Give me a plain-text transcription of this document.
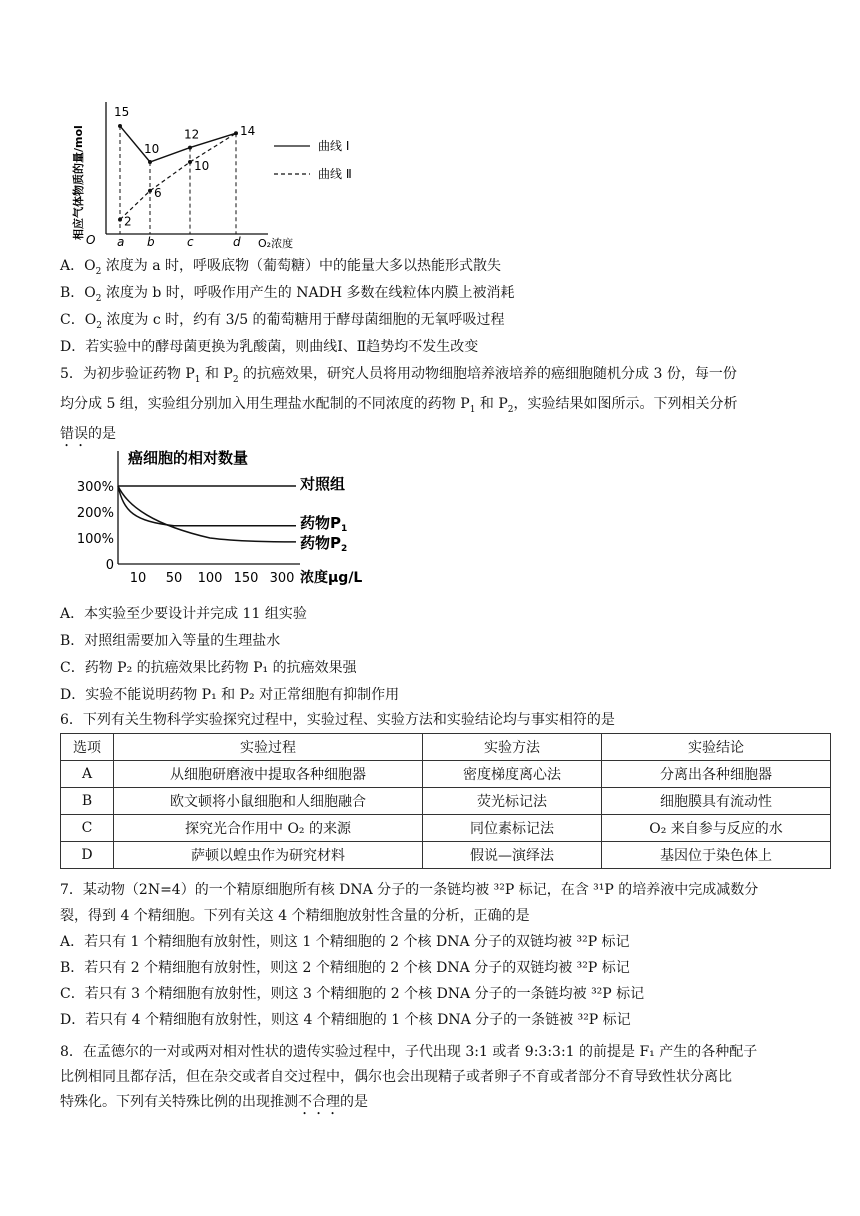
相应气体物质的量/mol O	O₂浓度
a b	c	d
15
10
12	14
2
6
10
曲线 Ⅰ
曲线 Ⅱ
A．$O_2$ 浓度为 a 时，呼吸底物（葡萄糖）中的能量大多以热能形式散失
B．$O_2$ 浓度为 b 时，呼吸作用产生的 NADH 多数在线粒体内膜上被消耗
C．$O_2$ 浓度为 c 时，约有 3/5 的葡萄糖用于酵母菌细胞的无氧呼吸过程
D．若实验中的酵母菌更换为乳酸菌，则曲线Ⅰ、Ⅱ趋势均不发生改变
5．为初步验证药物 $P_1$ 和 $P_2$ 的抗癌效果，研究人员将用动物细胞培养液培养的癌细胞随机分成 3 份，每一份
均分成 5 组，实验组分别加入用生理盐水配制的不同浓度的药物 $P_1$ 和 $P_2$，实验结果如图所示。下列相关分析
错误的是
癌细胞的相对数量
300%
200%
100%
0
10 50 100 150 300
对照组
药物$P_1$
药物$P_2$
浓度μg/L
A．本实验至少要设计并完成 11 组实验
B．对照组需要加入等量的生理盐水
C．药物 P₂ 的抗癌效果比药物 P₁ 的抗癌效果强
D．实验不能说明药物 P₁ 和 P₂ 对正常细胞有抑制作用
6．下列有关生物科学实验探究过程中，实验过程、实验方法和实验结论均与事实相符的是
选项	实验过程	实验方法	实验结论
A	从细胞研磨液中提取各种细胞器	密度梯度离心法	分离出各种细胞器
B	欧文顿将小鼠细胞和人细胞融合	荧光标记法	细胞膜具有流动性
C	探究光合作用中 O₂ 的来源	同位素标记法	O₂ 来自参与反应的水
D	萨顿以蝗虫作为研究材料	假说—演绎法	基因位于染色体上
7．某动物（2N=4）的一个精原细胞所有核 DNA 分子的一条链均被 ³²P 标记，在含 ³¹P 的培养液中完成减数分
裂，得到 4 个精细胞。下列有关这 4 个精细胞放射性含量的分析，正确的是
A．若只有 1 个精细胞有放射性，则这 1 个精细胞的 2 个核 DNA 分子的双链均被 ³²P 标记
B．若只有 2 个精细胞有放射性，则这 2 个精细胞的 2 个核 DNA 分子的双链均被 ³²P 标记
C．若只有 3 个精细胞有放射性，则这 3 个精细胞的 2 个核 DNA 分子的一条链均被 ³²P 标记
D．若只有 4 个精细胞有放射性，则这 4 个精细胞的 1 个核 DNA 分子的一条链被 ³²P 标记
8．在孟德尔的一对或两对相对性状的遗传实验过程中，子代出现 3:1 或者 9:3:3:1 的前提是 F₁ 产生的各种配子
比例相同且都存活，但在杂交或者自交过程中，偶尔也会出现精子或者卵子不育或者部分不育导致性状分离比
特殊化。下列有关特殊比例的出现推测不合理的是
